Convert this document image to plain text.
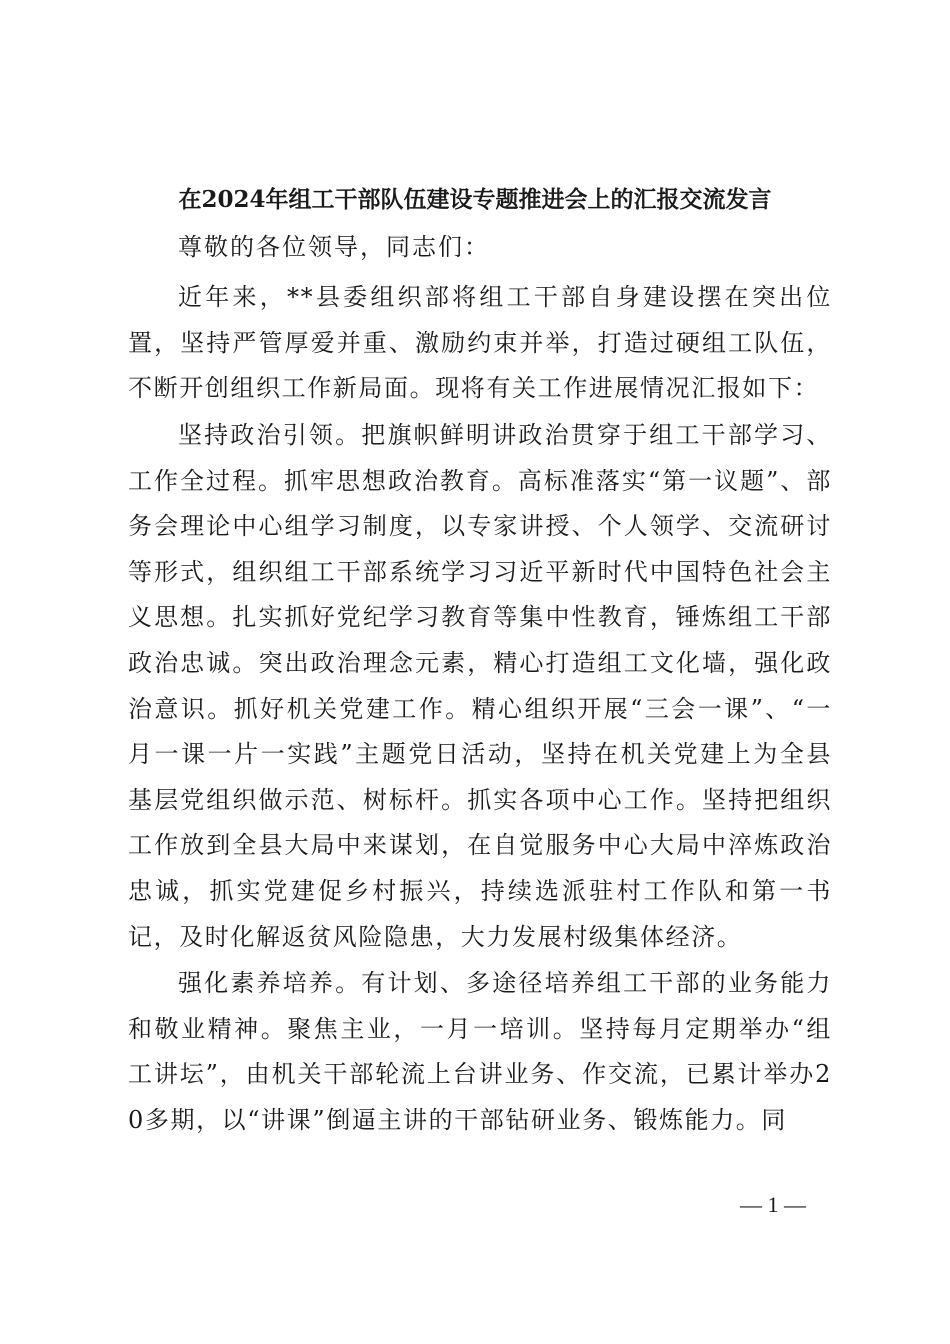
在2024年组工干部队伍建设专题推进会上的汇报交流发言
尊敬的各位领导，同志们：
近年来，**县委组织部将组工干部自身建设摆在突出位置，坚持严管厚爱并重、激励约束并举，打造过硬组工队伍，不断开创组织工作新局面。现将有关工作进展情况汇报如下：
坚持政治引领。把旗帜鲜明讲政治贯穿于组工干部学习、工作全过程。抓牢思想政治教育。高标准落实“第一议题”、部务会理论中心组学习制度，以专家讲授、个人领学、交流研讨等形式，组织组工干部系统学习习近平新时代中国特色社会主义思想。扎实抓好党纪学习教育等集中性教育，锤炼组工干部政治忠诚。突出政治理念元素，精心打造组工文化墙，强化政治意识。抓好机关党建工作。精心组织开展“三会一课”、“一月一课一片一实践”主题党日活动，坚持在机关党建上为全县基层党组织做示范、树标杆。抓实各项中心工作。坚持把组织工作放到全县大局中来谋划，在自觉服务中心大局中淬炼政治忠诚，抓实党建促乡村振兴，持续选派驻村工作队和第一书记，及时化解返贫风险隐患，大力发展村级集体经济。
强化素养培养。有计划、多途径培养组工干部的业务能力和敬业精神。聚焦主业，一月一培训。坚持每月定期举办“组工讲坛”，由机关干部轮流上台讲业务、作交流，已累计举办20多期，以“讲课”倒逼主讲的干部钻研业务、锻炼能力。同
— 1 —
